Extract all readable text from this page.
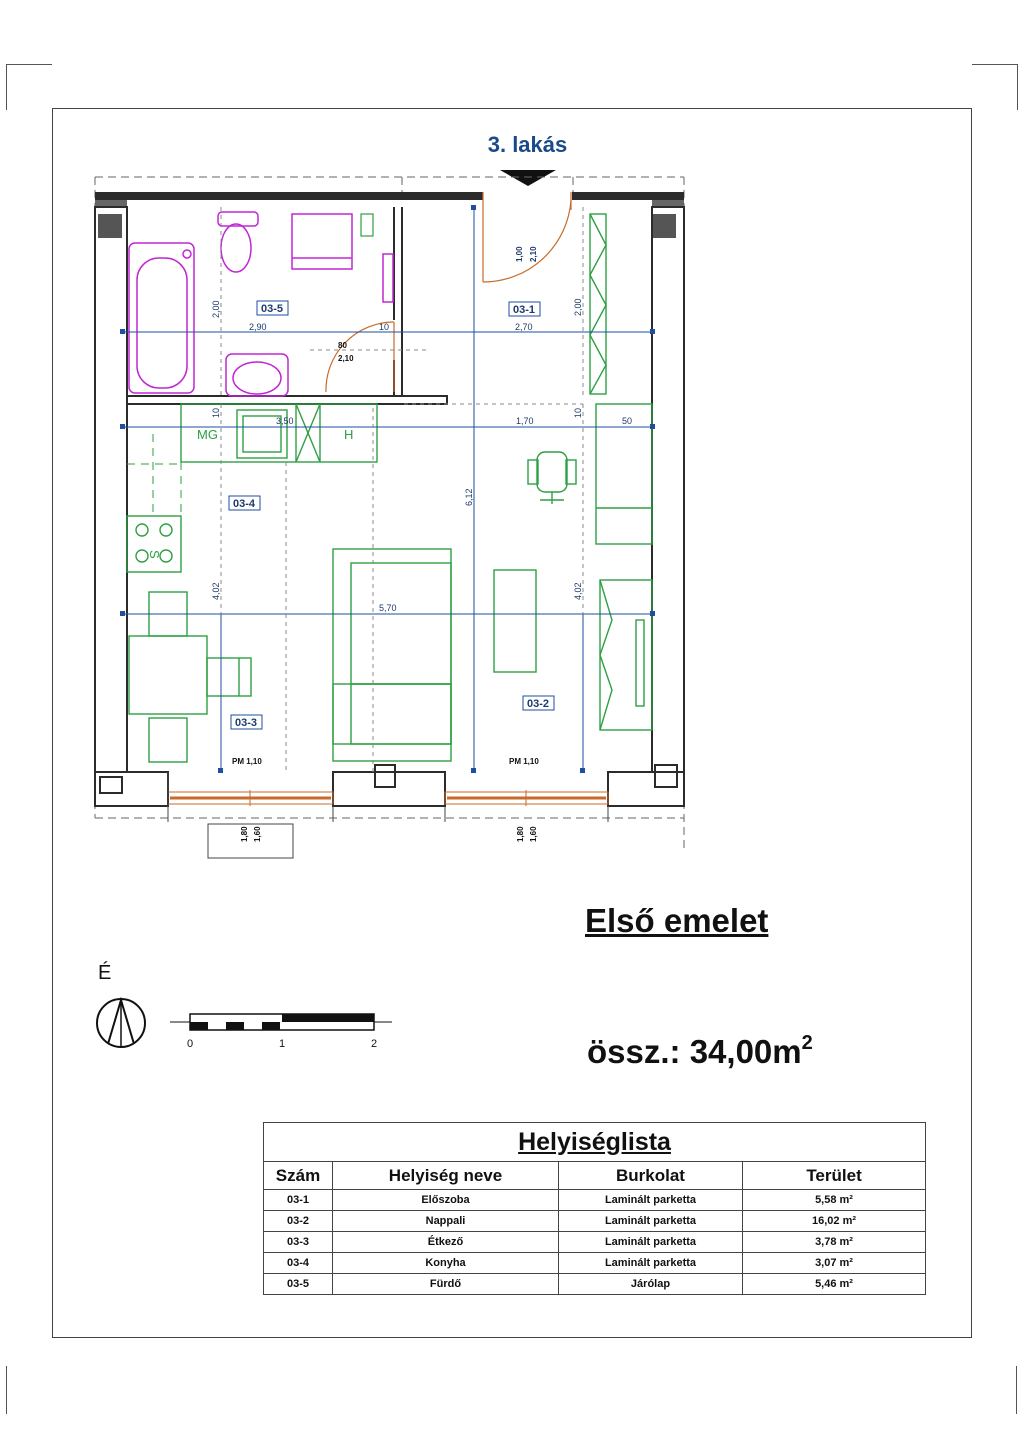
3. lakás
03-5	03-1
03-4
03-2
03-3
2,00
2,90	10	2,70
2,00
1,00 2,10
80
2,10
10
3,50	1,70	50
10
6,12
4,02
5,70
4,02
PM 1,10	PM 1,10
1,80 1,60	1,80 1,60
MG	H
S
Első emelet
É
0	1	2	össz.: $34,00m^2$
Helyiséglista			
Szám	Helyiség neve	Burkolat	Terület
03-1	Előszoba	Laminált parketta	5,58 m²
03-2	Nappali	Laminált parketta	16,02 m²
03-3	Étkező	Laminált parketta	3,78 m²
03-4	Konyha	Laminált parketta	3,07 m²
03-5	Fürdő	Járólap	5,46 m²
